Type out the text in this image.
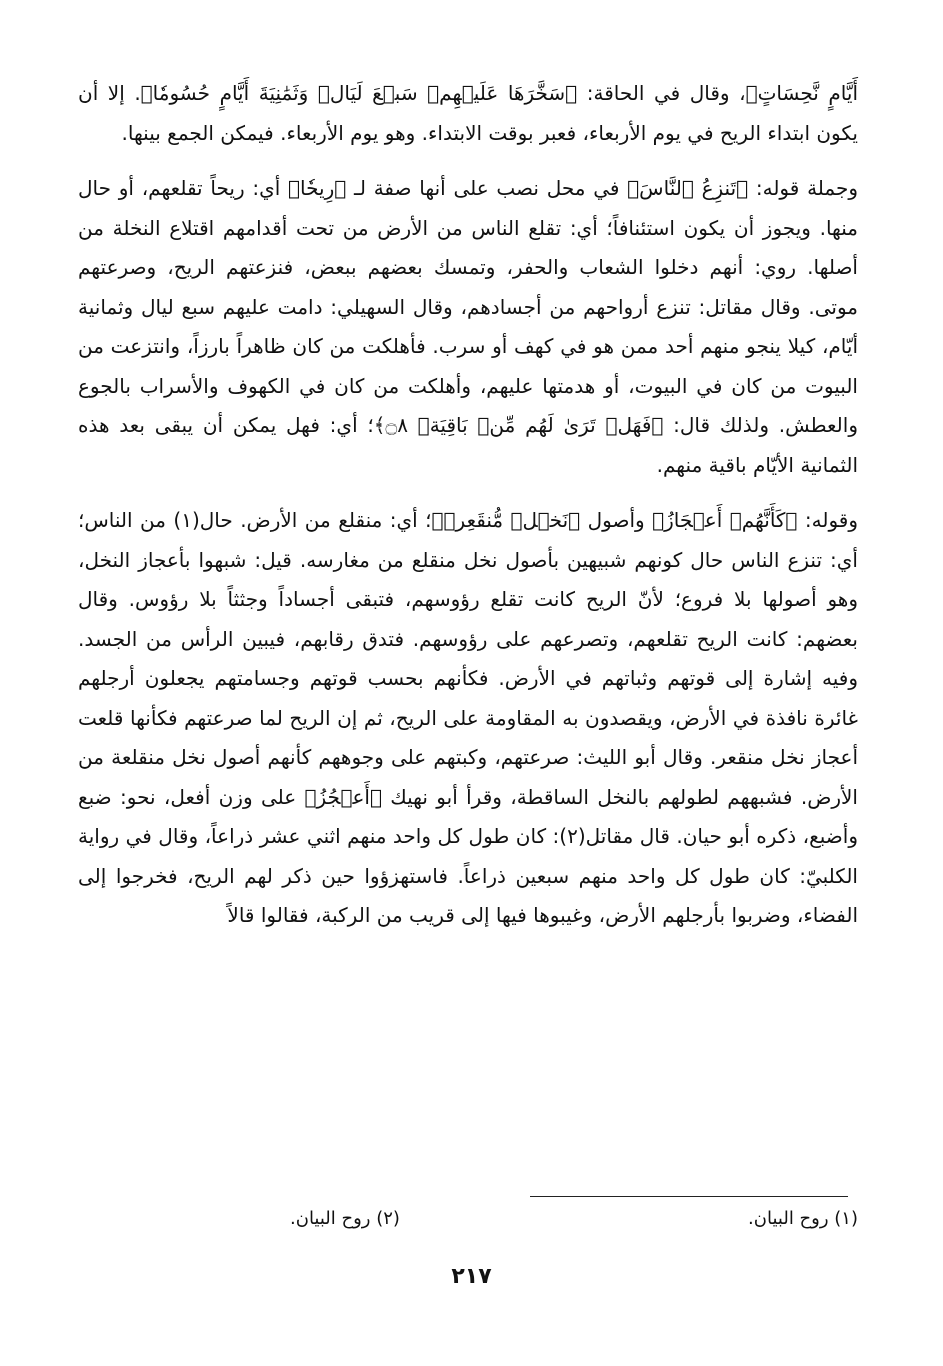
أَيَّامٍ نَّحِسَاتٍ﴾، وقال في الحاقة: ﴿سَخَّرَهَا عَلَيۡهِمۡ سَبۡعَ لَيَالٖ وَثَمَٰنِيَةَ أَيَّامٍ حُسُومٗا﴾. إلا أن يكون ابتداء الريح في يوم الأربعاء، فعبر بوقت الابتداء. وهو يوم الأربعاء. فيمكن الجمع بينها.

وجملة قوله: ﴿تَنزِعُ ٱلنَّاسَ﴾ في محل نصب على أنها صفة لـ ﴿رِيحٗا﴾ أي: ريحاً تقلعهم، أو حال منها. ويجوز أن يكون استئنافاً؛ أي: تقلع الناس من الأرض من تحت أقدامهم اقتلاع النخلة من أصلها. روي: أنهم دخلوا الشعاب والحفر، وتمسك بعضهم ببعض، فنزعتهم الريح، وصرعتهم موتى. وقال مقاتل: تنزع أرواحهم من أجسادهم، وقال السهيلي: دامت عليهم سبع ليال وثمانية أيّام، كيلا ينجو منهم أحد ممن هو في كهف أو سرب. فأهلكت من كان ظاهراً بارزاً، وانتزعت من البيوت من كان في البيوت، أو هدمتها عليهم، وأهلكت من كان في الكهوف والأسراب بالجوع والعطش. ولذلك قال: ﴿فَهَلۡ تَرَىٰ لَهُم مِّنۢ بَاقِيَةٖ ۝٨﴾؛ أي: فهل يمكن أن يبقى بعد هذه الثمانية الأيّام باقية منهم.

وقوله: ﴿كَأَنَّهُمۡ أَعۡجَازُ﴾ وأصول ﴿نَخۡلٖ مُّنقَعِرٖ﴾؛ أي: منقلع من الأرض. حال(١) من الناس؛ أي: تنزع الناس حال كونهم شبيهين بأصول نخل منقلع من مغارسه. قيل: شبهوا بأعجاز النخل، وهو أصولها بلا فروع؛ لأنّ الريح كانت تقلع رؤوسهم، فتبقى أجساداً وجثثاً بلا رؤوس. وقال بعضهم: كانت الريح تقلعهم، وتصرعهم على رؤوسهم. فتدق رقابهم، فيبين الرأس من الجسد. وفيه إشارة إلى قوتهم وثباتهم في الأرض. فكأنهم بحسب قوتهم وجسامتهم يجعلون أرجلهم غائرة نافذة في الأرض، ويقصدون به المقاومة على الريح، ثم إن الريح لما صرعتهم فكأنها قلعت أعجاز نخل منقعر. وقال أبو الليث: صرعتهم، وكبتهم على وجوههم كأنهم أصول نخل منقلعة من الأرض. فشبههم لطولهم بالنخل الساقطة، وقرأ أبو نهيك ﴿أَعۡجُزُ﴾ على وزن أفعل، نحو: ضبع وأضبع، ذكره أبو حيان. قال مقاتل(٢): كان طول كل واحد منهم اثني عشر ذراعاً، وقال في رواية الكلبيّ: كان طول كل واحد منهم سبعين ذراعاً. فاستهزؤوا حين ذكر لهم الريح، فخرجوا إلى الفضاء، وضربوا بأرجلهم الأرض، وغيبوها فيها إلى قريب من الركبة، فقالوا قالاً

(١) روح البيان.
(٢) روح البيان.
٢١٧
